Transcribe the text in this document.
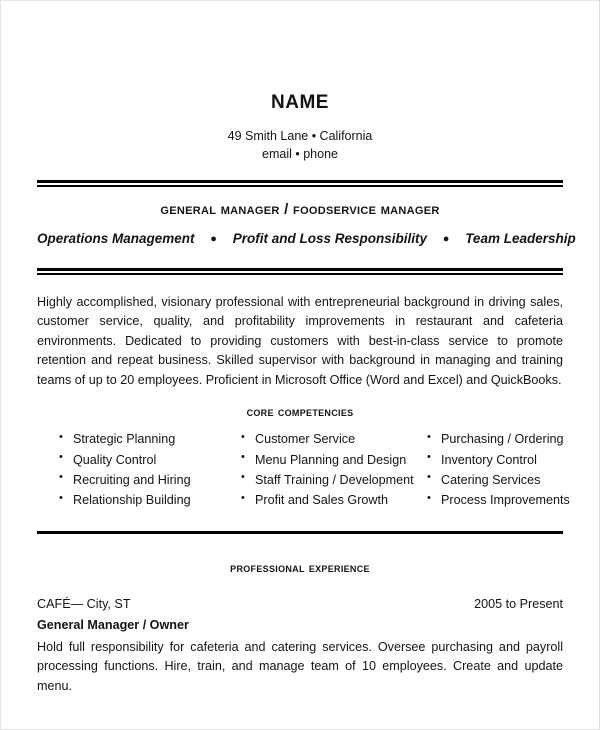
name

49 Smith Lane • California

email • phone

general manager / foodservice manager

Operations Management ● Profit and Loss Responsibility ● Team Leadership

Highly accomplished, visionary professional with entrepreneurial background in driving sales, customer service, quality, and profitability improvements in restaurant and cafeteria environments. Dedicated to providing customers with best-in-class service to promote retention and repeat business. Skilled supervisor with background in managing and training teams of up to 20 employees. Proficient in Microsoft Office (Word and Excel) and QuickBooks.

core competencies
• Strategic Planning
• Quality Control
• Recruiting and Hiring
• Relationship Building
• Customer Service
• Menu Planning and Design
• Staff Training / Development
• Profit and Sales Growth
• Purchasing / Ordering
• Inventory Control
• Catering Services
• Process Improvements
professional experience
CAFÉ— City, ST	2005 to Present
General Manager / Owner

Hold full responsibility for cafeteria and catering services. Oversee purchasing and payroll processing functions. Hire, train, and manage team of 10 employees. Create and update menu.
